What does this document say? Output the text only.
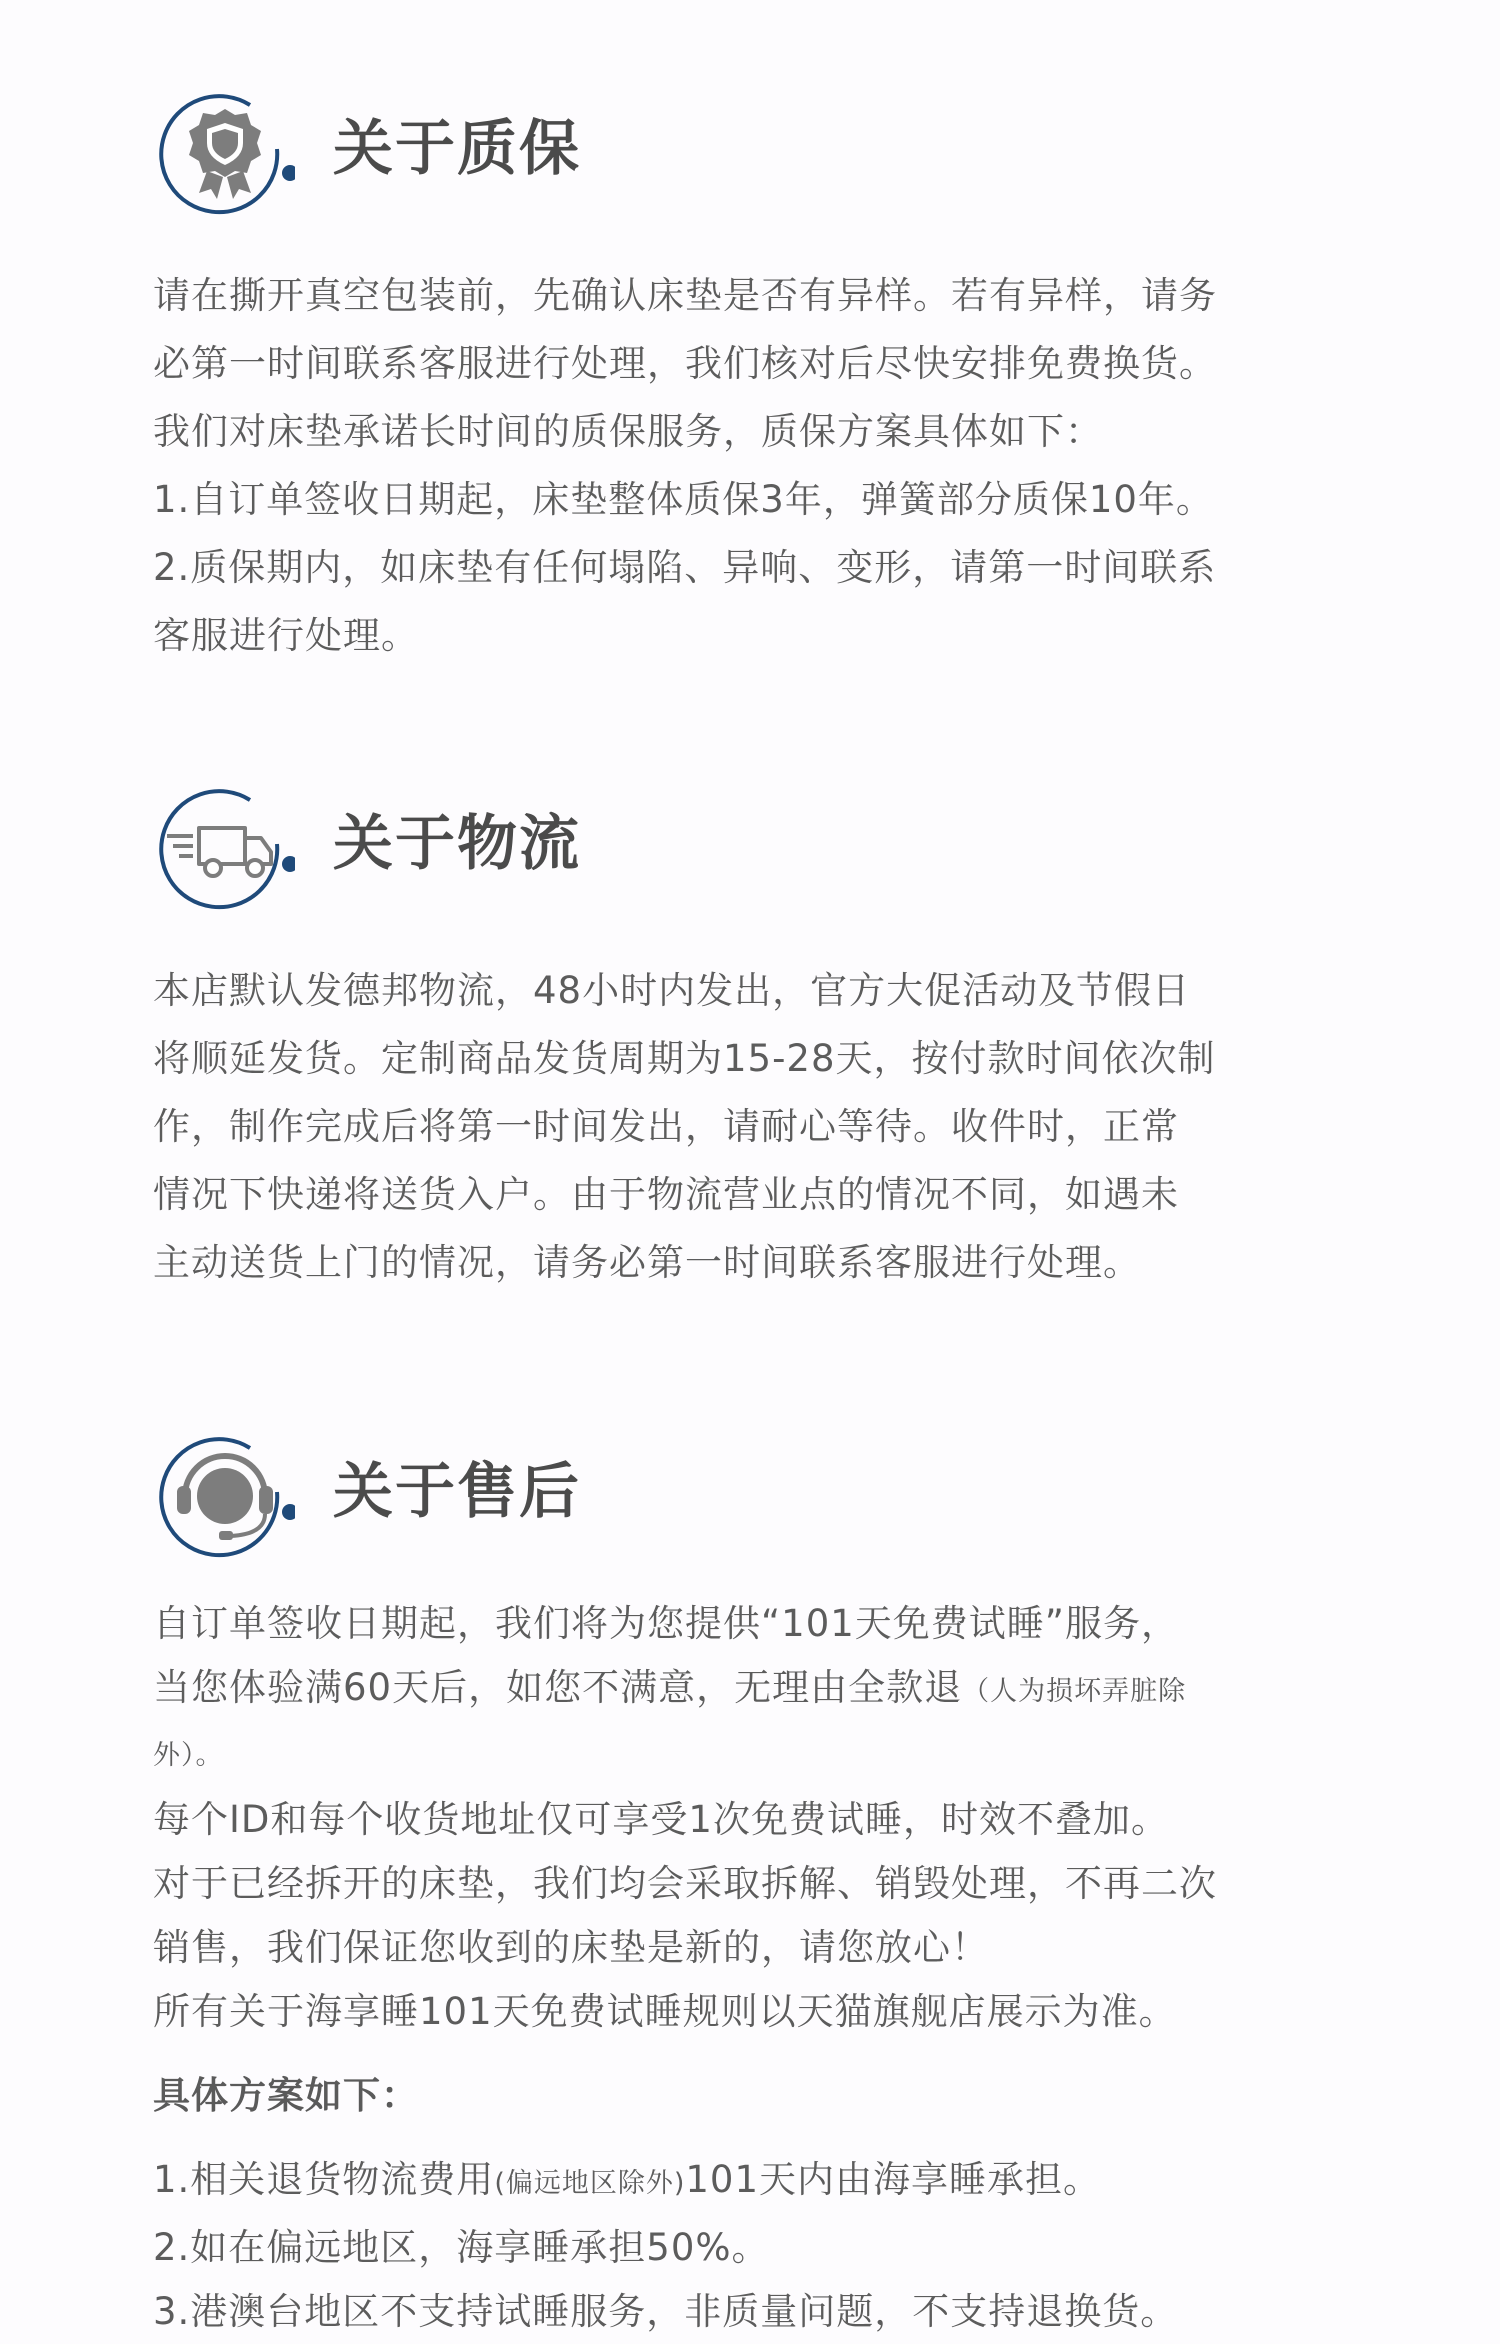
关于质保
请在撕开真空包装前，先确认床垫是否有异样。若有异样，请务
必第一时间联系客服进行处理，我们核对后尽快安排免费换货。
我们对床垫承诺长时间的质保服务，质保方案具体如下：
1.自订单签收日期起，床垫整体质保3年，弹簧部分质保10年。
2.质保期内，如床垫有任何塌陷、异响、变形，请第一时间联系
客服进行处理。
关于物流
本店默认发德邦物流，48小时内发出，官方大促活动及节假日
将顺延发货。定制商品发货周期为15-28天，按付款时间依次制
作，制作完成后将第一时间发出，请耐心等待。收件时，正常
情况下快递将送货入户。由于物流营业点的情况不同，如遇未
主动送货上门的情况，请务必第一时间联系客服进行处理。
关于售后
自订单签收日期起，我们将为您提供“101天免费试睡”服务，
当您体验满60天后，如您不满意，无理由全款退（人为损坏弄脏除
外）。
每个ID和每个收货地址仅可享受1次免费试睡，时效不叠加。
对于已经拆开的床垫，我们均会采取拆解、销毁处理，不再二次
销售，我们保证您收到的床垫是新的，请您放心！
所有关于海享睡101天免费试睡规则以天猫旗舰店展示为准。
具体方案如下：
1.相关退货物流费用(偏远地区除外)101天内由海享睡承担。
2.如在偏远地区，海享睡承担50%。
3.港澳台地区不支持试睡服务，非质量问题，不支持退换货。
